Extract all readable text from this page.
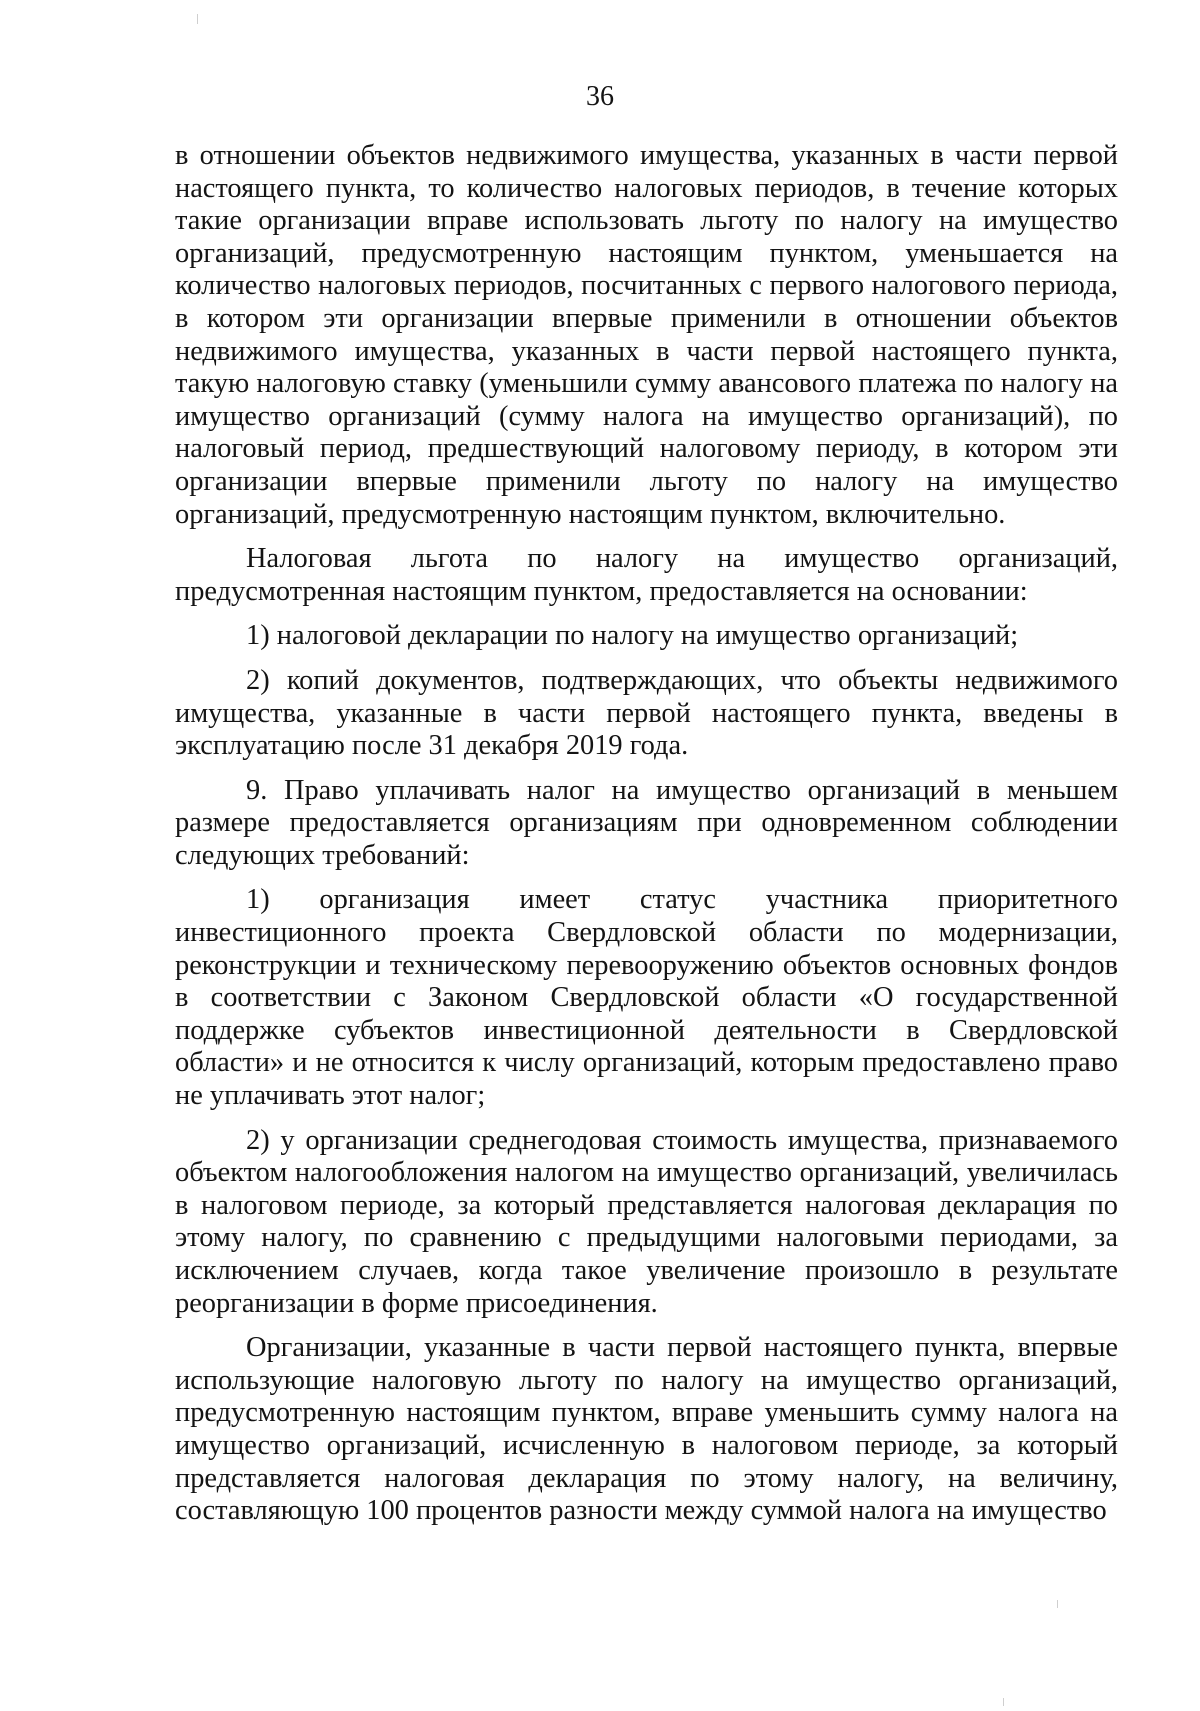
36

в отношении объектов недвижимого имущества, указанных в части первой настоящего пункта, то количество налоговых периодов, в течение которых такие организации вправе использовать льготу по налогу на имущество организаций, предусмотренную настоящим пунктом, уменьшается на количество налоговых периодов, посчитанных с первого налогового периода, в котором эти организации впервые применили в отношении объектов недвижимого имущества, указанных в части первой настоящего пункта, такую налоговую ставку (уменьшили сумму авансового платежа по налогу на имущество организаций (сумму налога на имущество организаций), по налоговый период, предшествующий налоговому периоду, в котором эти организации впервые применили льготу по налогу на имущество организаций, предусмотренную настоящим пунктом, включительно.

Налоговая льгота по налогу на имущество организаций, предусмотренная настоящим пунктом, предоставляется на основании:

1) налоговой декларации по налогу на имущество организаций;

2) копий документов, подтверждающих, что объекты недвижимого имущества, указанные в части первой настоящего пункта, введены в эксплуатацию после 31 декабря 2019 года.

9. Право уплачивать налог на имущество организаций в меньшем размере предоставляется организациям при одновременном соблюдении следующих требований:

1) организация имеет статус участника приоритетного инвестиционного проекта Свердловской области по модернизации, реконструкции и техническому перевооружению объектов основных фондов в соответствии с Законом Свердловской области «О государственной поддержке субъектов инвестиционной деятельности в Свердловской области» и не относится к числу организаций, которым предоставлено право не уплачивать этот налог;

2) у организации среднегодовая стоимость имущества, признаваемого объектом налогообложения налогом на имущество организаций, увеличилась в налоговом периоде, за который представляется налоговая декларация по этому налогу, по сравнению с предыдущими налоговыми периодами, за исключением случаев, когда такое увеличение произошло в результате реорганизации в форме присоединения.

Организации, указанные в части первой настоящего пункта, впервые использующие налоговую льготу по налогу на имущество организаций, предусмотренную настоящим пунктом, вправе уменьшить сумму налога на имущество организаций, исчисленную в налоговом периоде, за который представляется налоговая декларация по этому налогу, на величину, составляющую 100 процентов разности между суммой налога на имущество
